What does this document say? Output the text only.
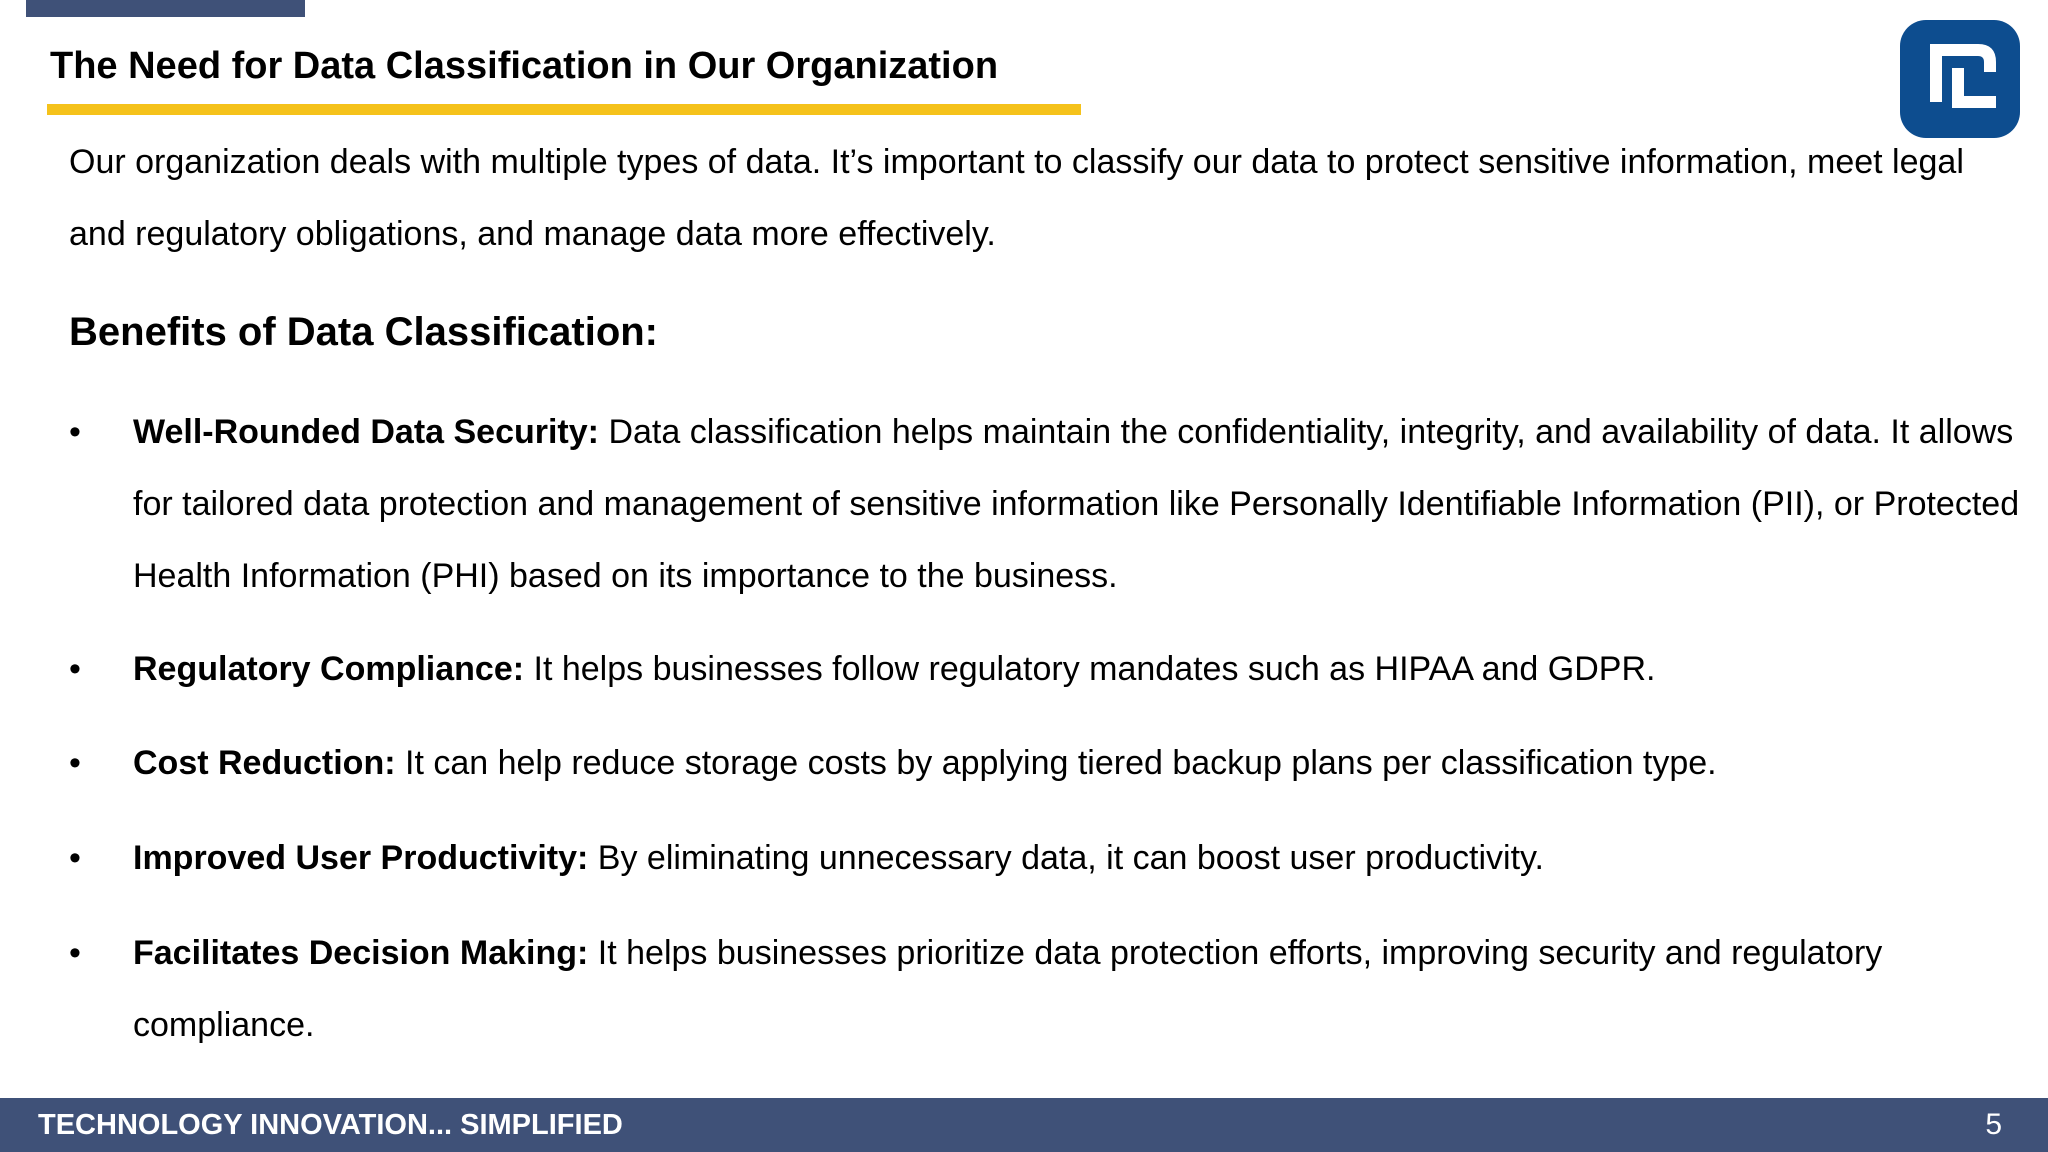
The Need for Data Classification in Our Organization

Our organization deals with multiple types of data. It’s important to classify our data to protect sensitive information, meet legal and regulatory obligations, and manage data more effectively.

Benefits of Data Classification:
• Well-Rounded Data Security: Data classification helps maintain the confidentiality, integrity, and availability of data. It allows for tailored data protection and management of sensitive information like Personally Identifiable Information (PII), or Protected Health Information (PHI) based on its importance to the business.
• Regulatory Compliance: It helps businesses follow regulatory mandates such as HIPAA and GDPR.
• Cost Reduction: It can help reduce storage costs by applying tiered backup plans per classification type.
• Improved User Productivity: By eliminating unnecessary data, it can boost user productivity.
• Facilitates Decision Making: It helps businesses prioritize data protection efforts, improving security and regulatory compliance.
TECHNOLOGY INNOVATION... SIMPLIFIED	5
